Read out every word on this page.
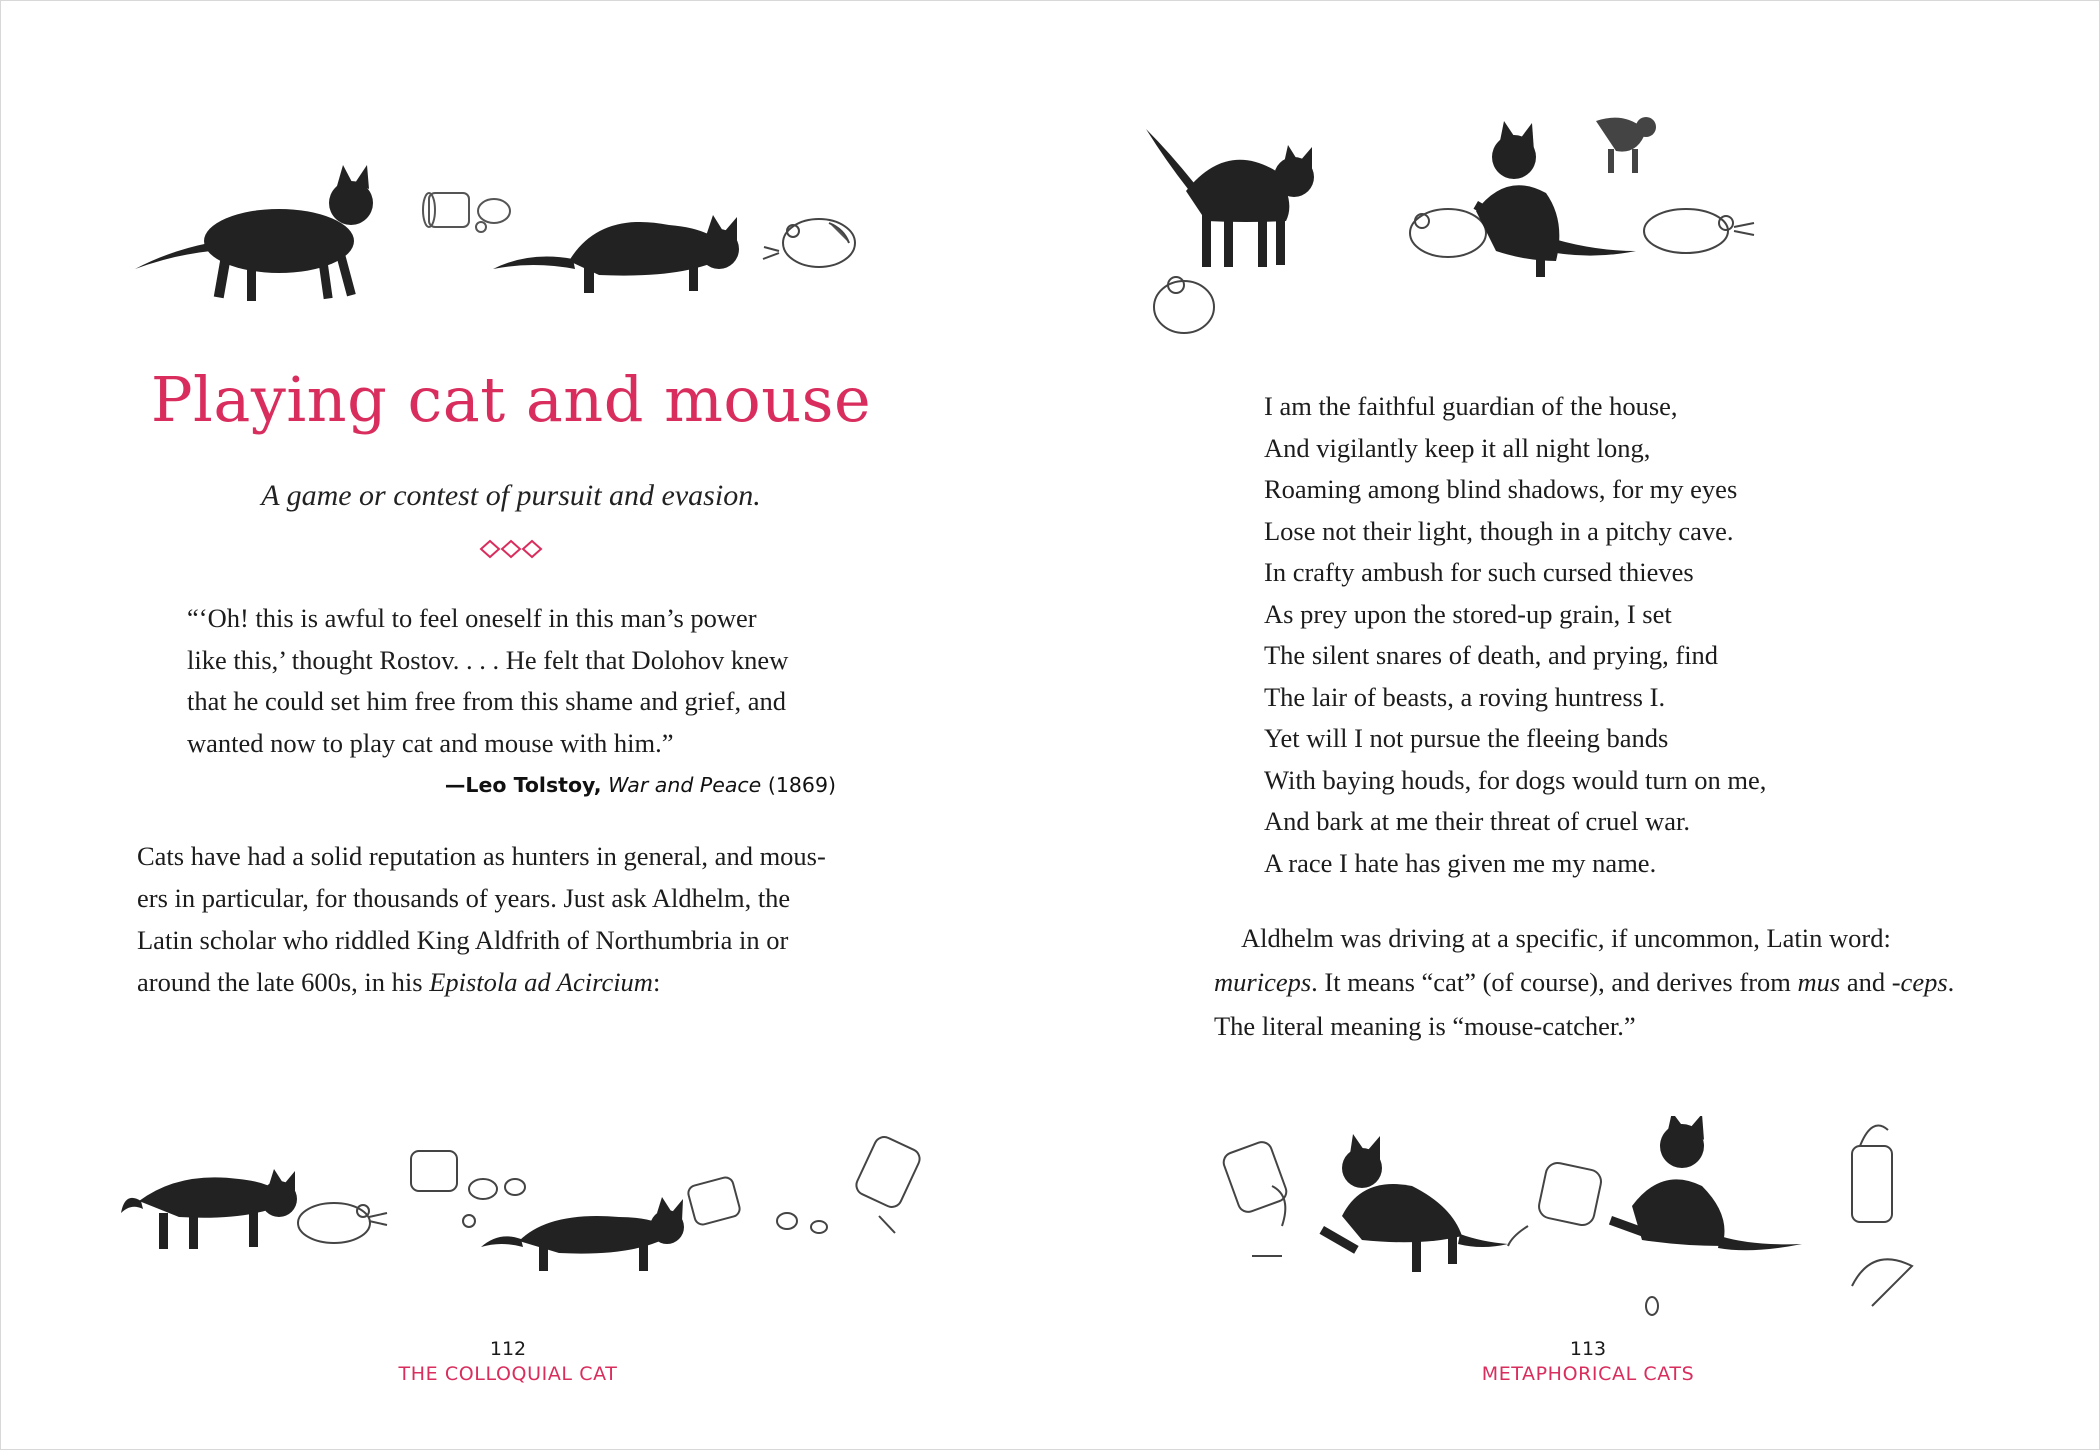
Playing cat and mouse
A game or contest of pursuit and evasion.

“‘Oh! this is awful to feel oneself in this man’s power

like this,’ thought Rostov. . . . He felt that Dolohov knew

that he could set him free from this shame and grief, and

wanted now to play cat and mouse with him.”

—Leo Tolstoy, War and Peace (1869)

Cats have had a solid reputation as hunters in general, and mous-

ers in particular, for thousands of years. Just ask Aldhelm, the

Latin scholar who riddled King Aldfrith of Northumbria in or

around the late 600s, in his Epistola ad Acircium:

112
THE COLLOQUIAL CAT
I am the faithful guardian of the house,
And vigilantly keep it all night long,
Roaming among blind shadows, for my eyes
Lose not their light, though in a pitchy cave.
In crafty ambush for such cursed thieves
As prey upon the stored-up grain, I set
The silent snares of death, and prying, find
The lair of beasts, a roving huntress I.
Yet will I not pursue the fleeing bands
With baying houds, for dogs would turn on me,
And bark at me their threat of cruel war.
A race I hate has given me my name.

Aldhelm was driving at a specific, if uncommon, Latin word:

muriceps. It means “cat” (of course), and derives from mus and -ceps.

The literal meaning is “mouse-catcher.”

113
METAPHORICAL CATS
